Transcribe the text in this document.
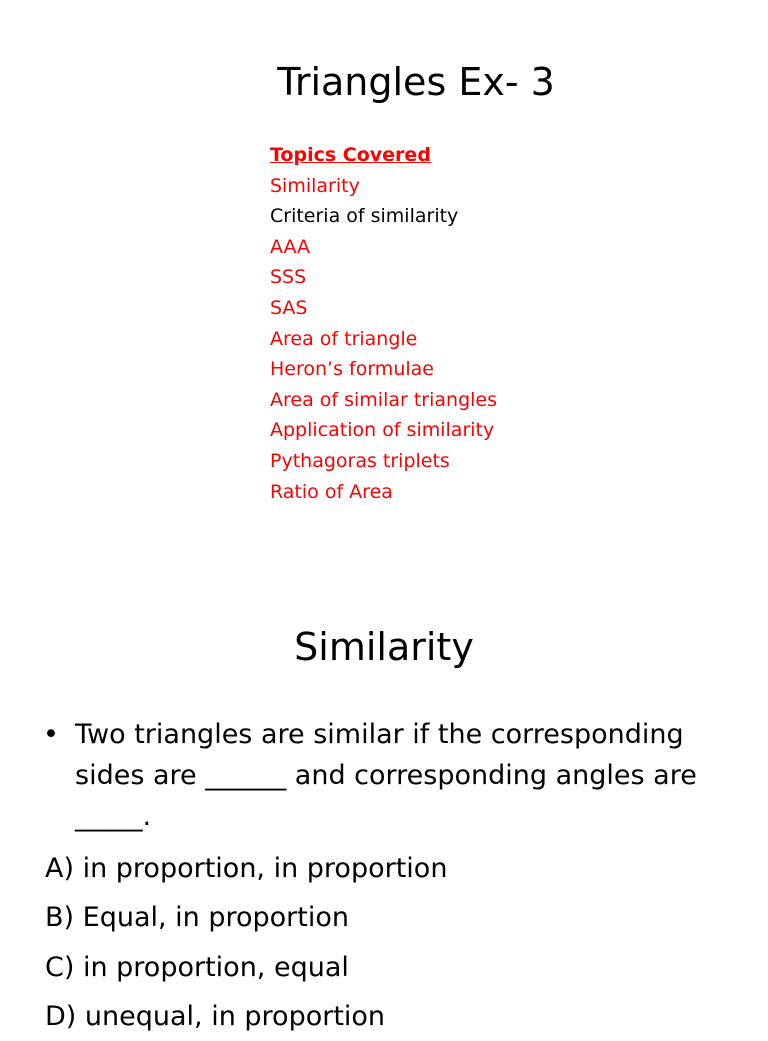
Triangles Ex- 3
Topics Covered
Similarity
Criteria of similarity
AAA
SSS
SAS
Area of triangle
Heron’s formulae
Area of similar triangles
Application of similarity
Pythagoras triplets
Ratio of Area
Similarity
• Two triangles are similar if the corresponding sides are ______ and corresponding angles are _____.
A) in proportion, in proportion
B) Equal, in proportion
C) in proportion, equal
D) unequal, in proportion
